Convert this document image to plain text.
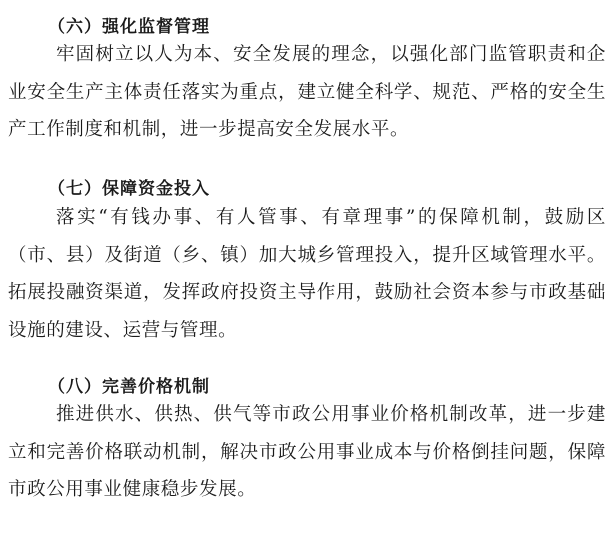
（六）强化监督管理

牢固树立以人为本、安全发展的理念，以强化部门监管职责和企业安全生产主体责任落实为重点，建立健全科学、规范、严格的安全生产工作制度和机制，进一步提高安全发展水平。

（七）保障资金投入

落实“有钱办事、有人管事、有章理事”的保障机制，鼓励区（市、县）及街道（乡、镇）加大城乡管理投入，提升区域管理水平。拓展投融资渠道，发挥政府投资主导作用，鼓励社会资本参与市政基础设施的建设、运营与管理。

（八）完善价格机制

推进供水、供热、供气等市政公用事业价格机制改革，进一步建立和完善价格联动机制，解决市政公用事业成本与价格倒挂问题，保障市政公用事业健康稳步发展。
